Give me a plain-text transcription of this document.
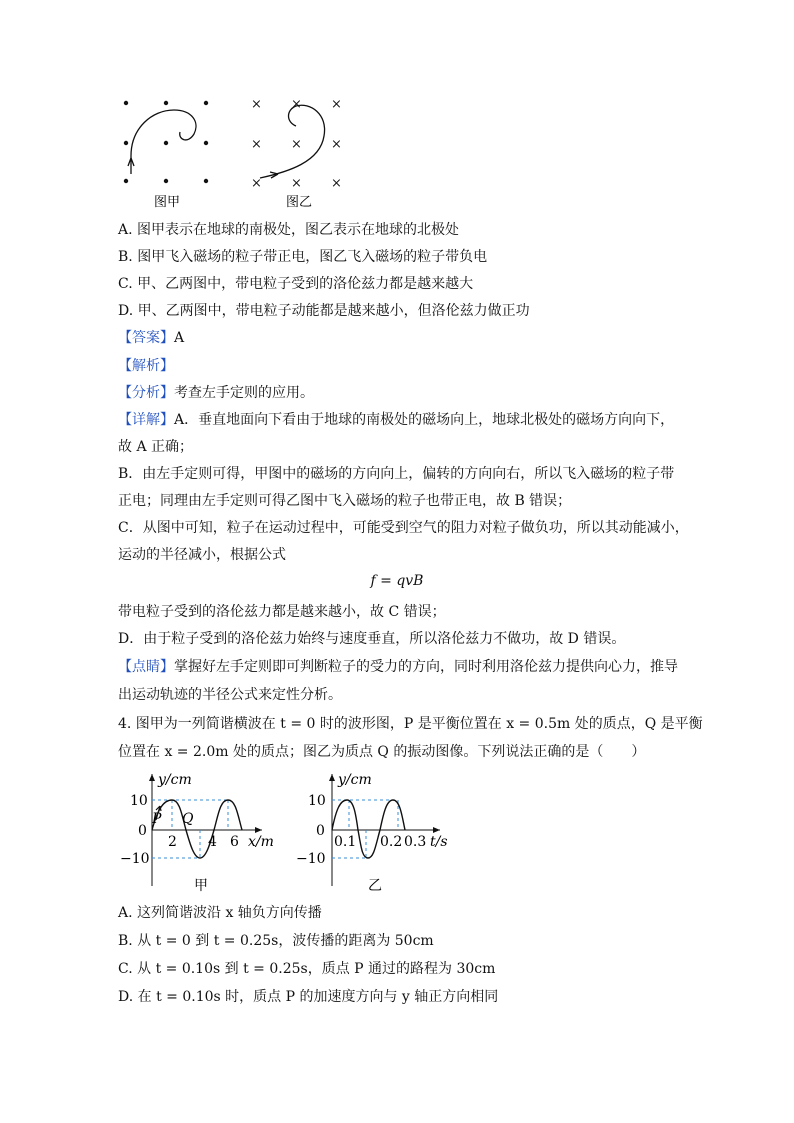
× × ×
× × ×
× × ×
图甲	图乙
A. 图甲表示在地球的南极处，图乙表示在地球的北极处
B. 图甲飞入磁场的粒子带正电，图乙飞入磁场的粒子带负电
C. 甲、乙两图中，带电粒子受到的洛伦兹力都是越来越大
D. 甲、乙两图中，带电粒子动能都是越来越小，但洛伦兹力做正功
【答案】A
【解析】
【分析】考查左手定则的应用。
【详解】A．垂直地面向下看由于地球的南极处的磁场向上，地球北极处的磁场方向向下，
故 A 正确；
B．由左手定则可得，甲图中的磁场的方向向上，偏转的方向向右，所以飞入磁场的粒子带
正电；同理由左手定则可得乙图中飞入磁场的粒子也带正电，故 B 错误；
C．从图中可知，粒子在运动过程中，可能受到空气的阻力对粒子做负功，所以其动能减小，
运动的半径减小，根据公式
f = qvB
带电粒子受到的洛伦兹力都是越来越小，故 C 错误；
D．由于粒子受到的洛伦兹力始终与速度垂直，所以洛伦兹力不做功，故 D 错误。
【点睛】掌握好左手定则即可判断粒子的受力的方向，同时利用洛伦兹力提供向心力，推导
出运动轨迹的半径公式来定性分析。
4. 图甲为一列简谐横波在 t = 0 时的波形图，P 是平衡位置在 x = 0.5m 处的质点，Q 是平衡
位置在 x = 2.0m 处的质点；图乙为质点 Q 的振动图像。下列说法正确的是（　　）
y/cm
10
0
−10
P Q
2 4 6 x/m
甲
y/cm
10
0
−10
0.1 0.2 0.3 t/s
乙
A. 这列简谐波沿 x 轴负方向传播
B. 从 t = 0 到 t = 0.25s，波传播的距离为 50cm
C. 从 t = 0.10s 到 t = 0.25s，质点 P 通过的路程为 30cm
D. 在 t = 0.10s 时，质点 P 的加速度方向与 y 轴正方向相同
